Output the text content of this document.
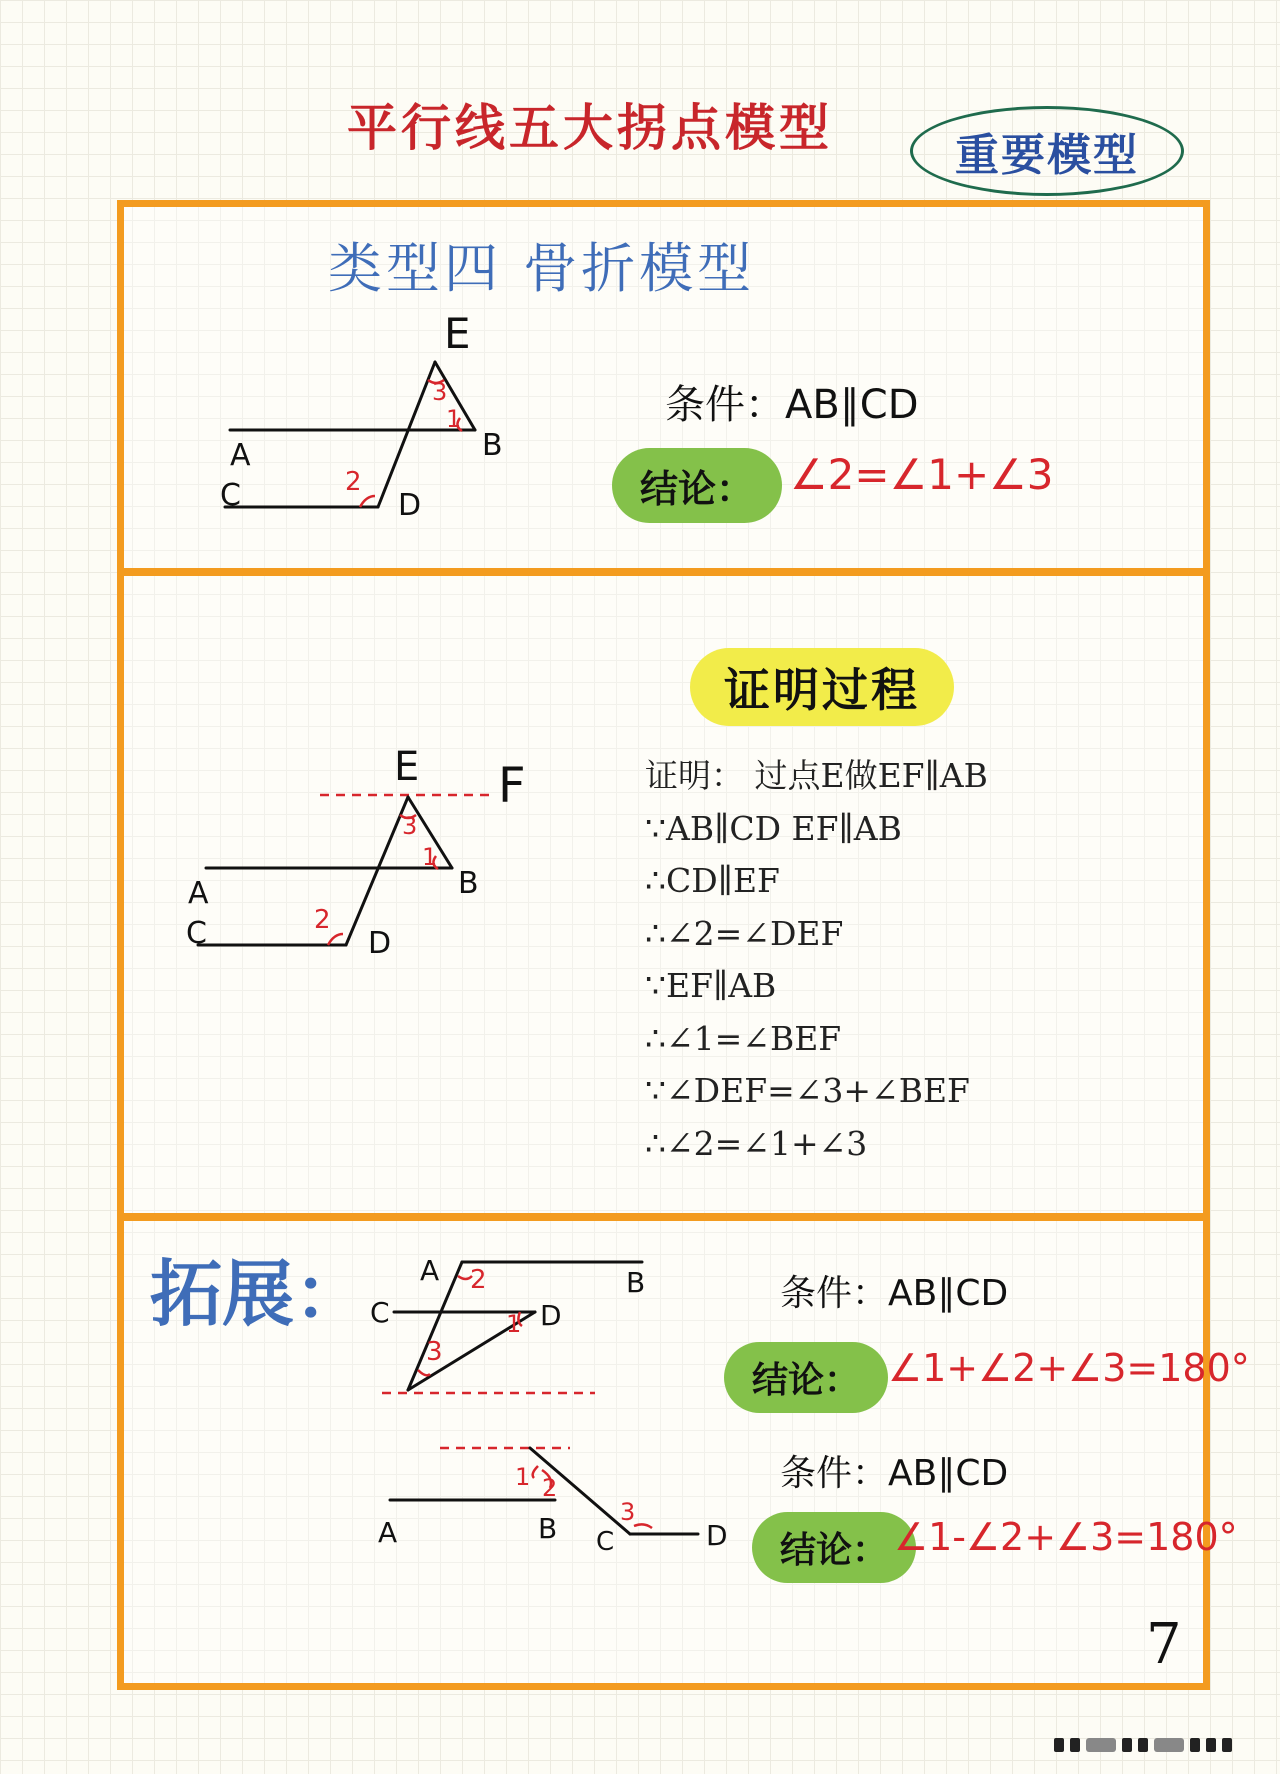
平行线五大拐点模型	重要模型
类型四 骨折模型
E
A
C
B
D
3
1
2
条件：AB∥CD
结论： ∠2=∠1+∠3
E F
A
C
B
D
3
1
2
证明过程
证明： 过点E做EF∥AB
∵AB∥CD EF∥AB
∴CD∥EF
∴∠2=∠DEF
∵EF∥AB
∴∠1=∠BEF
∵∠DEF=∠3+∠BEF
∴∠2=∠1+∠3
拓展： A	B
C	D
2
1
3
条件：AB∥CD
结论： ∠1+∠2+∠3=180°
A	B C	D
1 2
3
条件：AB∥CD
结论： ∠1-∠2+∠3=180°
7
